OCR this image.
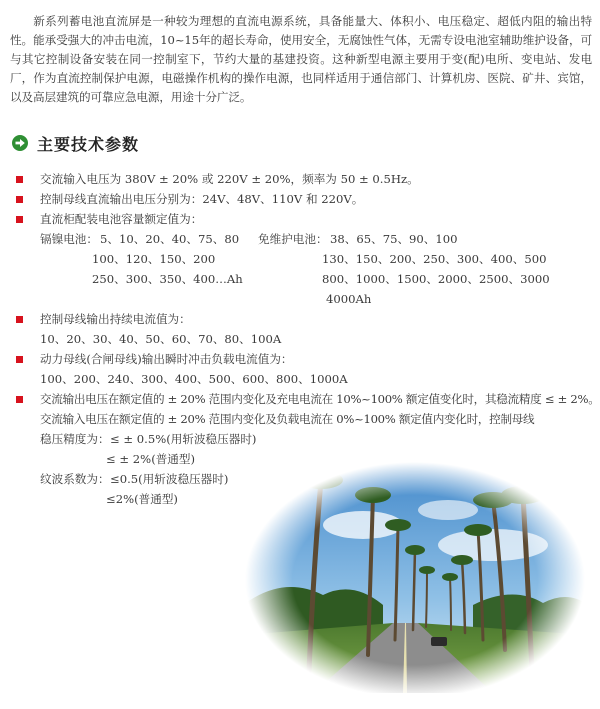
新系列蓄电池直流屏是一种较为理想的直流电源系统，具备能量大、体积小、电压稳定、超低内阻的输出特性。能承受强大的冲击电流，10~15年的超长寿命，使用安全，无腐蚀性气体，无需专设电池室辅助维护设备，可与其它控制设备安装在同一控制室下，节约大量的基建投资。这种新型电源主要用于变(配)电所、变电站、发电厂，作为直流控制保护电源，电磁操作机构的操作电源，也同样适用于通信部门、计算机房、医院、矿井、宾馆，以及高层建筑的可靠应急电源，用途十分广泛。

主要技术参数
交流输入电压为 380V ± 20% 或 220V ± 20%，频率为 50 ± 0.5Hz。
控制母线直流输出电压分别为：24V、48V、110V 和 220V。
直流柜配装电池容量额定值为：
镉镍电池： 5、10、20、40、75、80
100、120、150、200
250、300、350、400…Ah
免维护电池： 38、65、75、90、100
130、150、200、250、300、400、500
800、1000、1500、2000、2500、3000
4000Ah
控制母线输出持续电流值为：
10、20、30、40、50、60、70、80、100A
动力母线(合闸母线)输出瞬时冲击负载电流值为：
100、200、240、300、400、500、600、800、1000A
交流输出电压在额定值的 ± 20% 范围内变化及充电电流在 10%~100% 额定值变化时，其稳流精度 ≤ ± 2%。
交流输入电压在额定值的 ± 20% 范围内变化及负载电流在 0%~100% 额定值内变化时，控制母线
稳压精度为： ≤ ± 0.5%(用斩波稳压器时)
≤ ± 2%(普通型)
纹波系数为： ≤0.5(用斩波稳压器时)
≤2%(普通型)
